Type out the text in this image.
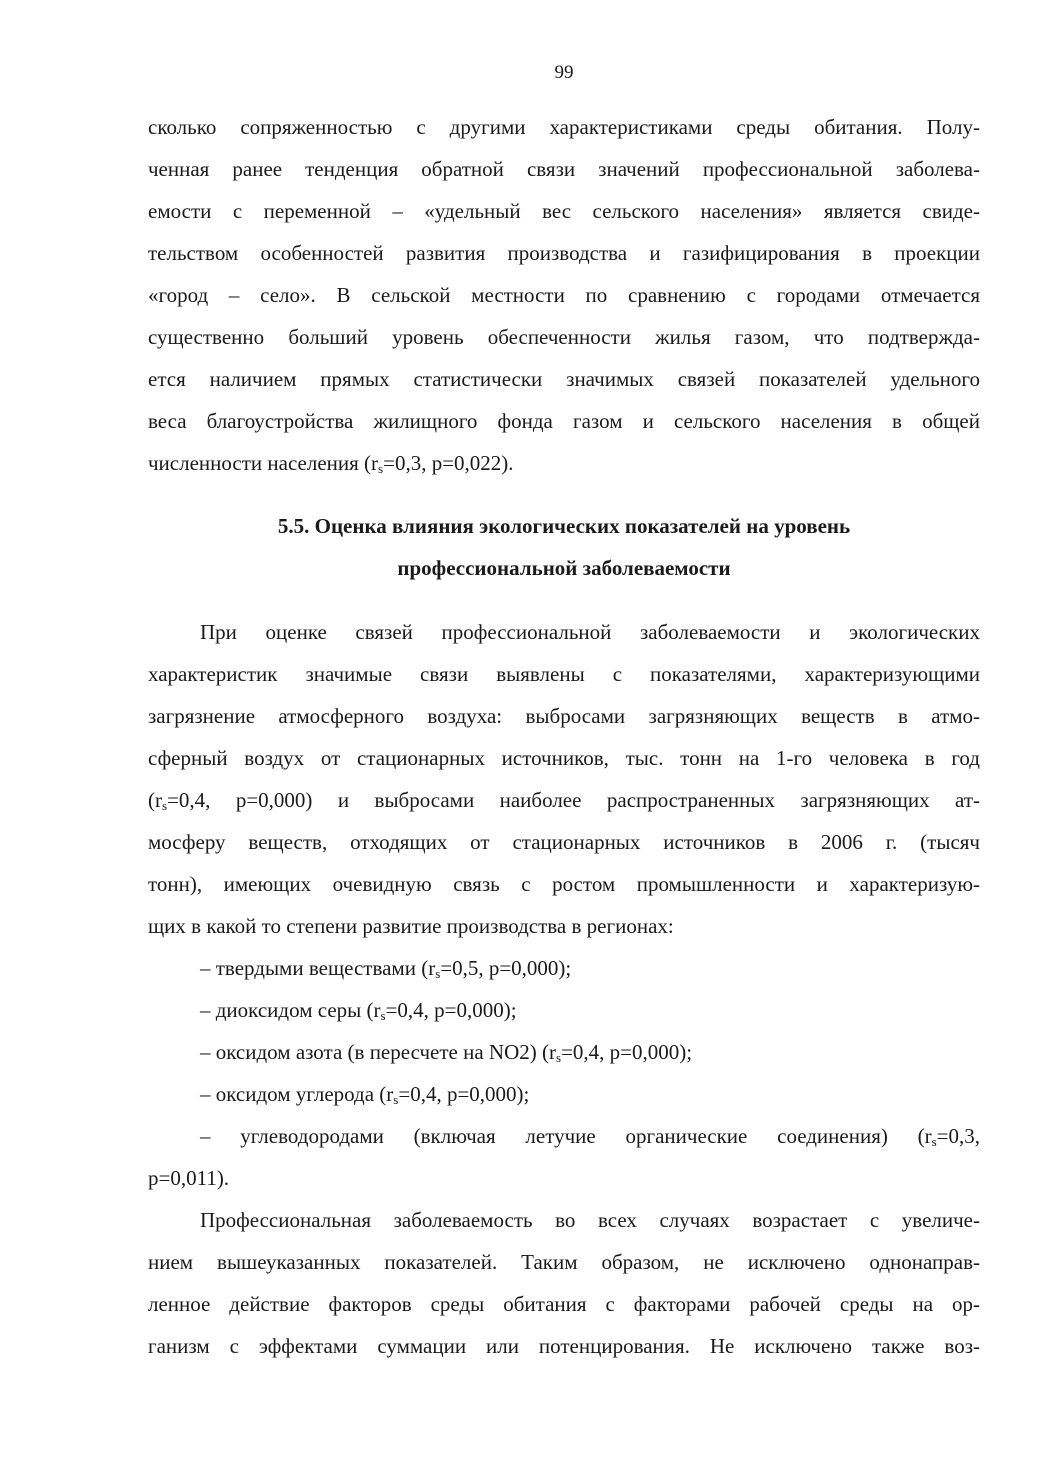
99
сколько сопряженностью с другими характеристиками среды обитания. Полу-
ченная ранее тенденция обратной связи значений профессиональной заболева-
емости с переменной – «удельный вес сельского населения» является свиде-
тельством особенностей развития производства и газифицирования в проекции
«город – село». В сельской местности по сравнению с городами отмечается
существенно больший уровень обеспеченности жилья газом, что подтвержда-
ется наличием прямых статистически значимых связей показателей удельного
веса благоустройства жилищного фонда газом и сельского населения в общей
численности населения ($r_s=0,3$, p=0,022).
5.5. Оценка влияния экологических показателей на уровень
профессиональной заболеваемости
При оценке связей профессиональной заболеваемости и экологических
характеристик значимые связи выявлены с показателями, характеризующими
загрязнение атмосферного воздуха: выбросами загрязняющих веществ в атмо-
сферный воздух от стационарных источников, тыс. тонн на 1-го человека в год
($r_s=0,4$, p=0,000) и выбросами наиболее распространенных загрязняющих ат-
мосферу веществ, отходящих от стационарных источников в 2006 г. (тысяч
тонн), имеющих очевидную связь с ростом промышленности и характеризую-
щих в какой то степени развитие производства в регионах:
– твердыми веществами ($r_s=0,5$, p=0,000);
– диоксидом серы ($r_s=0,4$, p=0,000);
– оксидом азота (в пересчете на NO2) ($r_s=0,4$, p=0,000);
– оксидом углерода ($r_s=0,4$, p=0,000);
– углеводородами (включая летучие органические соединения) ($r_s=0,3$,
p=0,011).
Профессиональная заболеваемость во всех случаях возрастает с увеличе-
нием вышеуказанных показателей. Таким образом, не исключено однонаправ-
ленное действие факторов среды обитания с факторами рабочей среды на ор-
ганизм с эффектами суммации или потенцирования. Не исключено также воз-
